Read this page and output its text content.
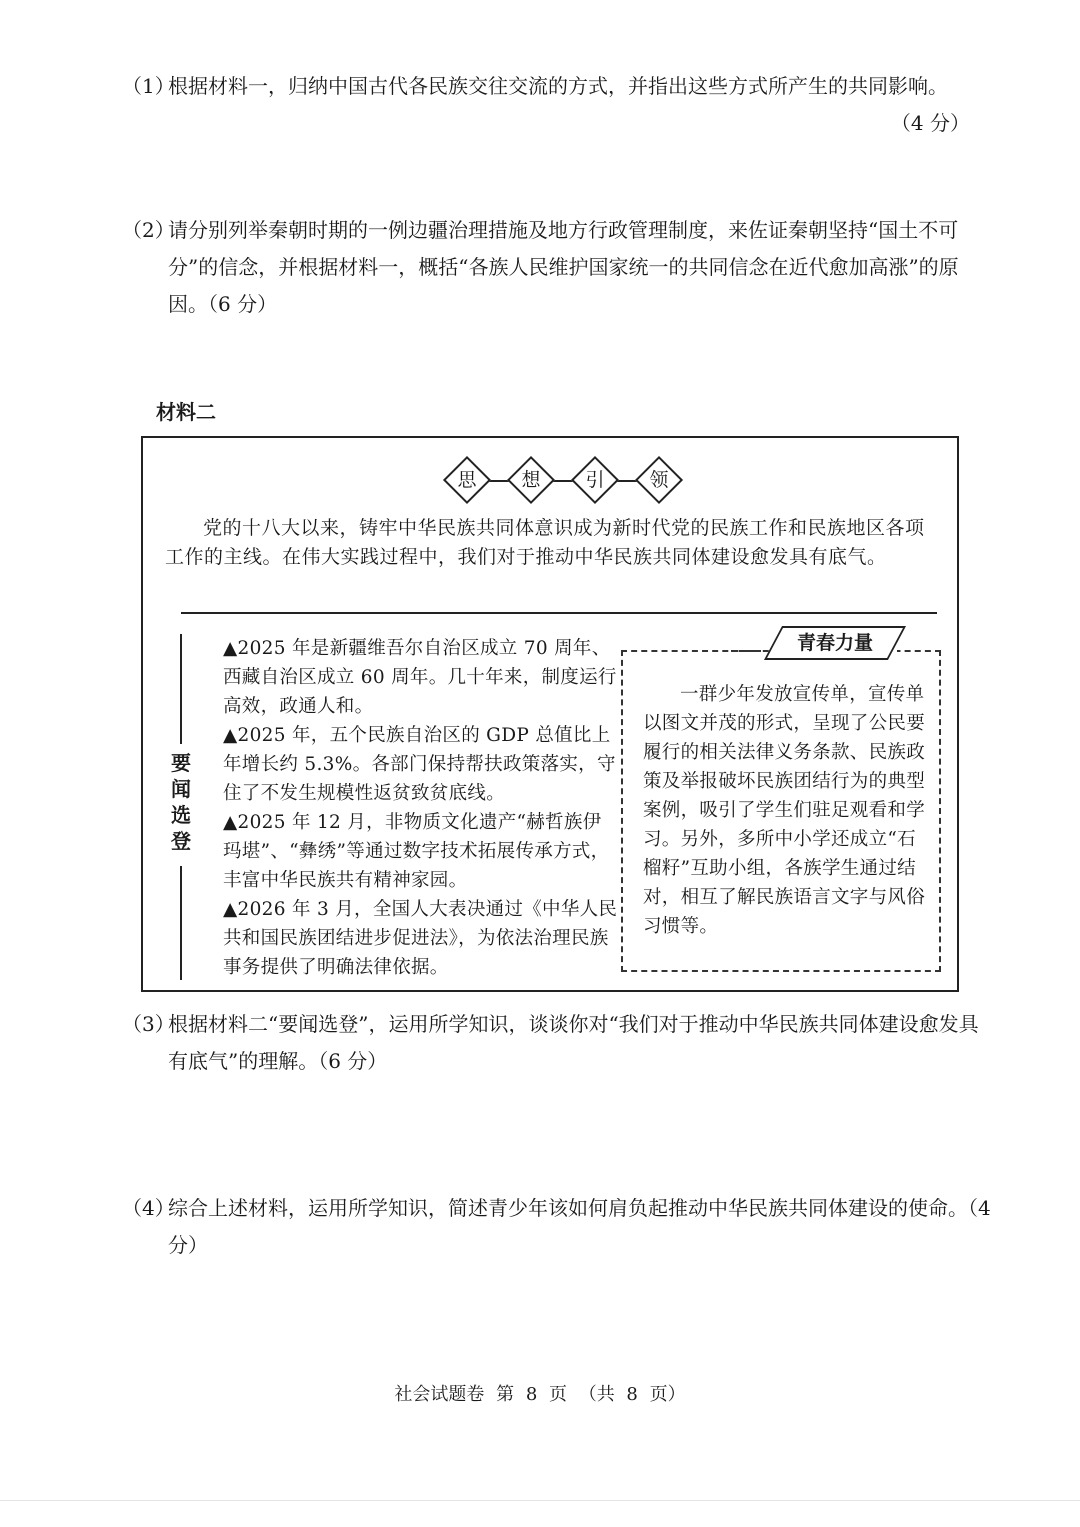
（1）
根据材料一，归纳中国古代各民族交往交流的方式，并指出这些方式所产生的共同影响。
（4 分）
（2）
请分别列举秦朝时期的一例边疆治理措施及地方行政管理制度，来佐证秦朝坚持“国土不可分”的信念，并根据材料一，概括“各族人民维护国家统一的共同信念在近代愈加高涨”的原因。（6 分）
材料二
思	想	引	领
党的十八大以来，铸牢中华民族共同体意识成为新时代党的民族工作和民族地区各项工作的主线。在伟大实践过程中，我们对于推动中华民族共同体建设愈发具有底气。
要闻选登
▲ 2025 年是新疆维吾尔自治区成立 70 周年、西藏自治区成立 60 周年。几十年来，制度运行高效，政通人和。
▲ 2025 年，五个民族自治区的 GDP 总值比上年增长约 5.3%。各部门保持帮扶政策落实，守住了不发生规模性返贫致贫底线。
▲ 2025 年 12 月，非物质文化遗产“赫哲族伊玛堪”、“彝绣”等通过数字技术拓展传承方式，丰富中华民族共有精神家园。
▲ 2026 年 3 月，全国人大表决通过《中华人民共和国民族团结进步促进法》，为依法治理民族事务提供了明确法律依据。
青春力量
一群少年发放宣传单，宣传单以图文并茂的形式，呈现了公民要履行的相关法律义务条款、民族政策及举报破坏民族团结行为的典型案例，吸引了学生们驻足观看和学习。另外，多所中小学还成立“石榴籽”互助小组，各族学生通过结对，相互了解民族语言文字与风俗习惯等。
（3）
根据材料二“要闻选登”，运用所学知识，谈谈你对“我们对于推动中华民族共同体建设愈发具有底气”的理解。（6 分）
（4）
综合上述材料，运用所学知识，简述青少年该如何肩负起推动中华民族共同体建设的使命。（4 分）
社会试题卷 第 8 页 （共 8 页）
